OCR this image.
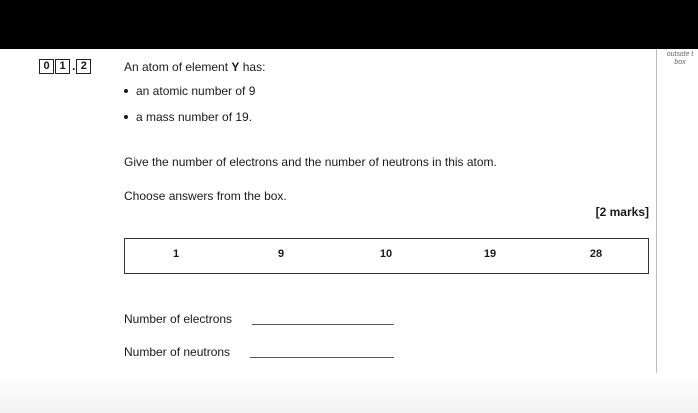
outside t
box
0 1 . 2	An atom of element Y has:
an atomic number of 9
a mass number of 19.
Give the number of electrons and the number of neutrons in this atom.
Choose answers from the box.
[2 marks]
1	9	10	19	28
Number of electrons
Number of neutrons
